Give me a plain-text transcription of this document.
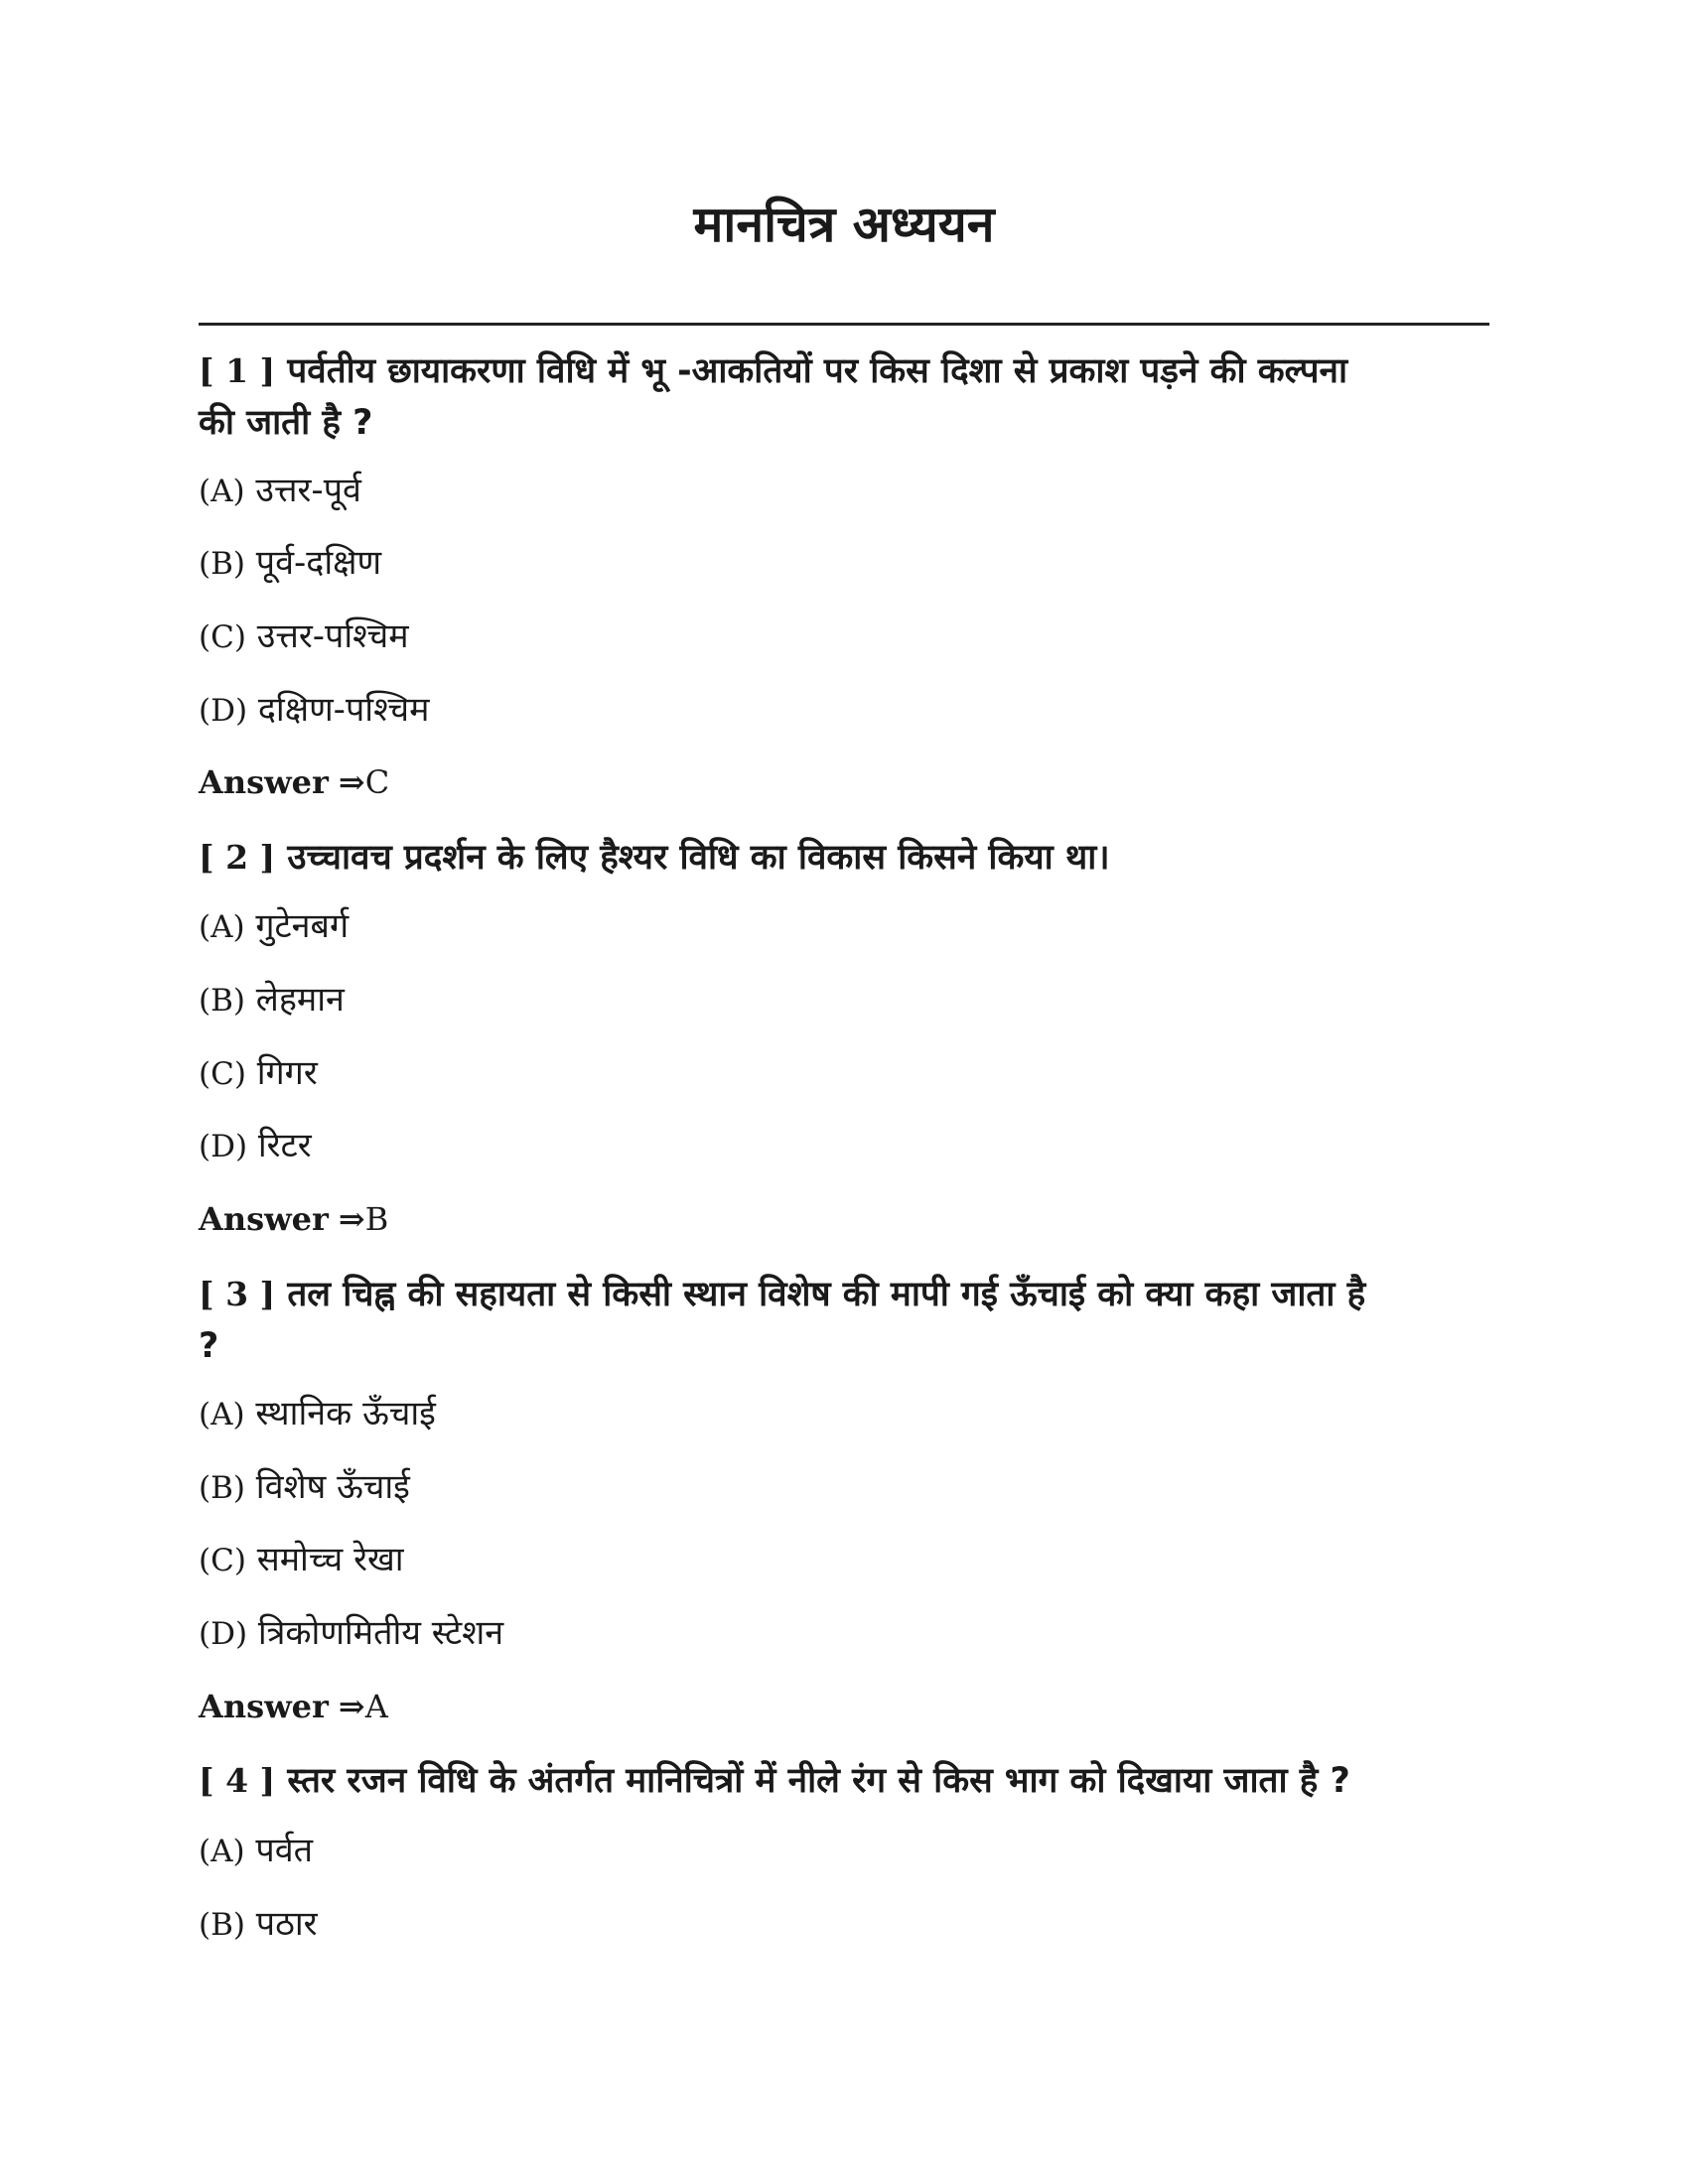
मानचित्र अध्ययन
[ 1 ] पर्वतीय छायाकरणा विधि में भू -आकतियों पर किस दिशा से प्रकाश पड़ने की कल्पना
की जाती है ?
(A) उत्तर-पूर्व
(B) पूर्व-दक्षिण
(C) उत्तर-पश्चिम
(D) दक्षिण-पश्चिम
Answer ⇒C
[ 2 ] उच्चावच प्रदर्शन के लिए हैश्यर विधि का विकास किसने किया था।
(A) गुटेनबर्ग
(B) लेहमान
(C) गिगर
(D) रिटर
Answer ⇒B
[ 3 ] तल चिह्न की सहायता से किसी स्थान विशेष की मापी गई ऊँचाई को क्या कहा जाता है
?
(A) स्थानिक ऊँचाई
(B) विशेष ऊँचाई
(C) समोच्च रेखा
(D) त्रिकोणमितीय स्टेशन
Answer ⇒A
[ 4 ] स्तर रजन विधि के अंतर्गत मानिचित्रों में नीले रंग से किस भाग को दिखाया जाता है ?
(A) पर्वत
(B) पठार
